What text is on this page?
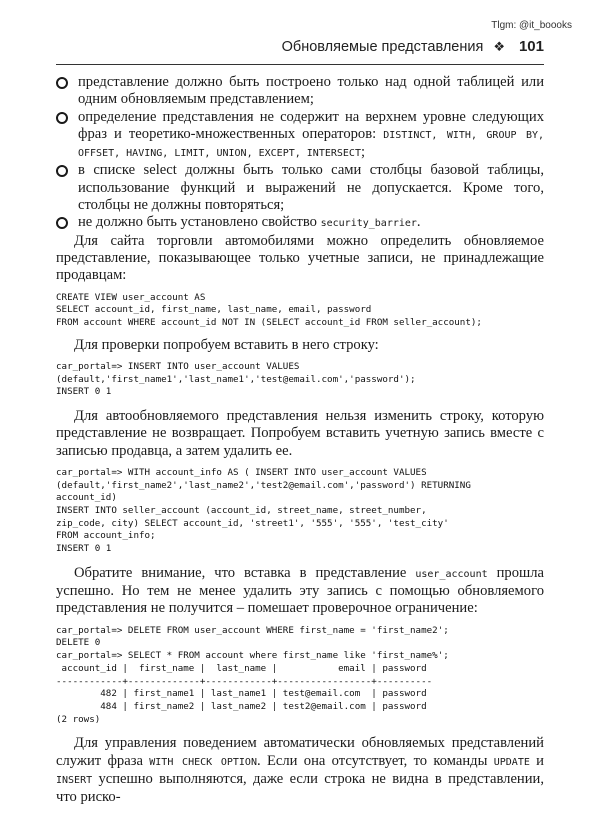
Tlgm: @it_boooks
Обновляемые представления ❖ 101
представление должно быть построено только над одной таблицей или одним обновляемым представлением;
определение представления не содержит на верхнем уровне следующих фраз и теоретико-множественных операторов: DISTINCT, WITH, GROUP BY, OFFSET, HAVING, LIMIT, UNION, EXCEPT, INTERSECT;
в списке select должны быть только сами столбцы базовой таблицы, использование функций и выражений не допускается. Кроме того, столбцы не должны повторяться;
не должно быть установлено свойство security_barrier.

Для сайта торговли автомобилями можно определить обновляемое представление, показывающее только учетные записи, не принадлежащие продавцам:

CREATE VIEW user_account AS
SELECT account_id, first_name, last_name, email, password
FROM account WHERE account_id NOT IN (SELECT account_id FROM seller_account);

Для проверки попробуем вставить в него строку:

car_portal=> INSERT INTO user_account VALUES
(default,'first_name1','last_name1','test@email.com','password');
INSERT 0 1

Для автообновляемого представления нельзя изменить строку, которую представление не возвращает. Попробуем вставить учетную запись вместе с записью продавца, а затем удалить ее.

car_portal=> WITH account_info AS ( INSERT INTO user_account VALUES
(default,'first_name2','last_name2','test2@email.com','password') RETURNING
account_id)
INSERT INTO seller_account (account_id, street_name, street_number,
zip_code, city) SELECT account_id, 'street1', '555', '555', 'test_city'
FROM account_info;
INSERT 0 1

Обратите внимание, что вставка в представление user_account прошла успешно. Но тем не менее удалить эту запись с помощью обновляемого представления не получится – помешает проверочное ограничение:

car_portal=> DELETE FROM user_account WHERE first_name = 'first_name2';
DELETE 0
car_portal=> SELECT * FROM account where first_name like 'first_name%';
account_id |  first_name |  last_name |           email | password
------------+-------------+------------+-----------------+----------
482 | first_name1 | last_name1 | test@email.com  | password
484 | first_name2 | last_name2 | test2@email.com | password
(2 rows)

Для управления поведением автоматически обновляемых представлений служит фраза WITH CHECK OPTION. Если она отсутствует, то команды UPDATE и INSERT успешно выполняются, даже если строка не видна в представлении, что риско-
